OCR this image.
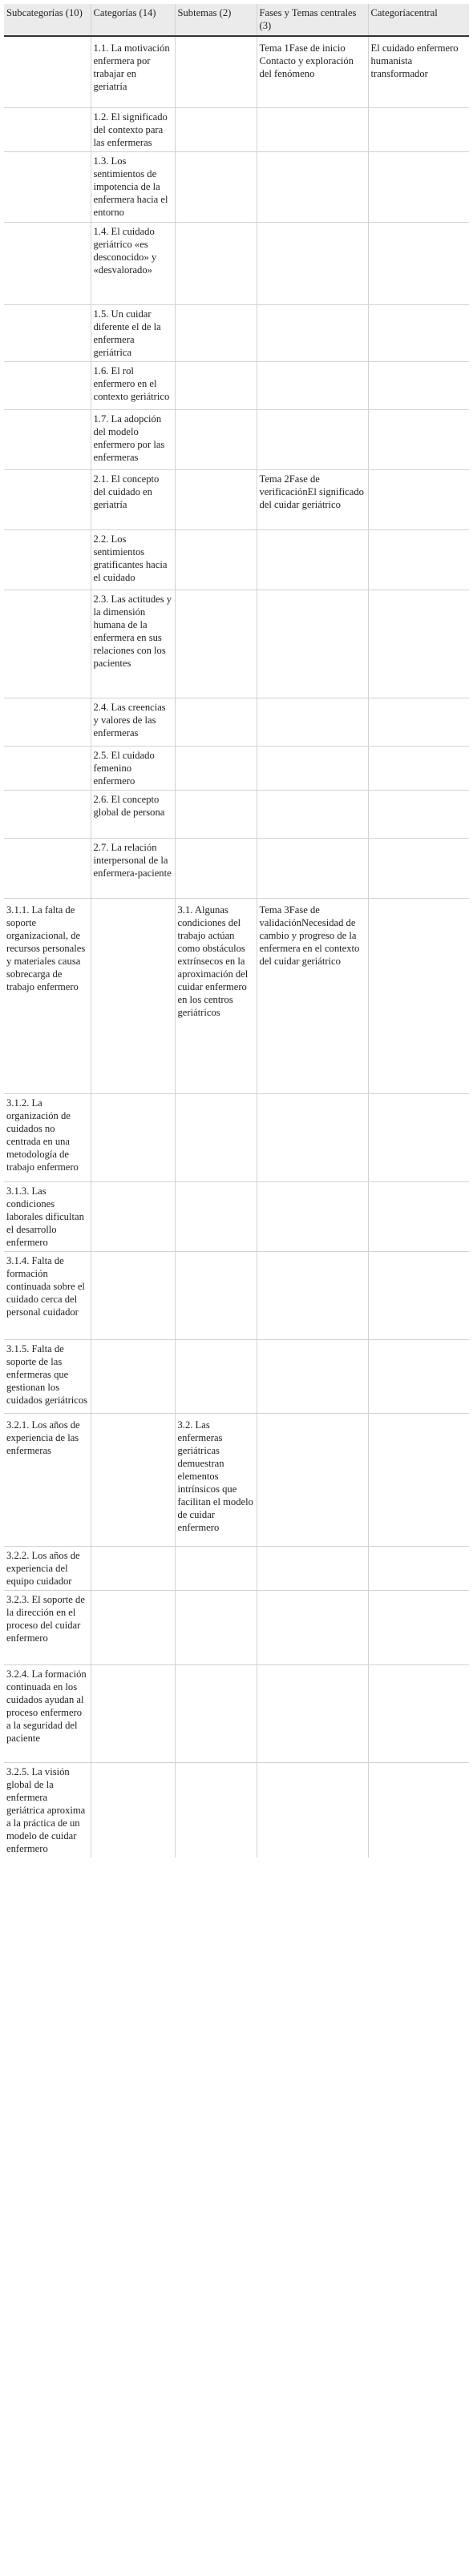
Subcategorías (10)	Categorías (14)	Subtemas (2)	Fases y Temas centrales (3)	Categoríacentral
	1.1. La motivación enfermera por trabajar en geriatría		Tema 1Fase de inicio Contacto y exploración del fenómeno	El cuidado enfermero humanista transformador
	1.2. El significado del contexto para las enfermeras			
	1.3. Los sentimientos de impotencia de la enfermera hacia el entorno			
	1.4. El cuidado geriátrico «es desconocido» y «desvalorado»			
	1.5. Un cuidar diferente el de la enfermera geriátrica			
	1.6. El rol enfermero en el contexto geriátrico			
	1.7. La adopción del modelo enfermero por las enfermeras			
	2.1. El concepto del cuidado en geriatría		Tema 2Fase de verificaciónEl significado del cuidar geriátrico	
	2.2. Los sentimientos gratificantes hacia el cuidado			
	2.3. Las actitudes y la dimensión humana de la enfermera en sus relaciones con los pacientes			
	2.4. Las creencias y valores de las enfermeras			
	2.5. El cuidado femenino enfermero			
	2.6. El concepto global de persona			
	2.7. La relación interpersonal de la enfermera-paciente			
3.1.1. La falta de soporte organizacional, de recursos personales y materiales causa sobrecarga de trabajo enfermero		3.1. Algunas condiciones del trabajo actúan como obstáculos extrínsecos en la aproximación del cuidar enfermero en los centros geriátricos	Tema 3Fase de validaciónNecesidad de cambio y progreso de la enfermera en el contexto del cuidar geriátrico	
3.1.2. La organización de cuidados no centrada en una metodología de trabajo enfermero				
3.1.3. Las condiciones laborales dificultan el desarrollo enfermero				
3.1.4. Falta de formación continuada sobre el cuidado cerca del personal cuidador				
3.1.5. Falta de soporte de las enfermeras que gestionan los cuidados geriátricos				
3.2.1. Los años de experiencia de las enfermeras		3.2. Las enfermeras geriátricas demuestran elementos intrínsicos que facilitan el modelo de cuidar enfermero		
3.2.2. Los años de experiencia del equipo cuidador				
3.2.3. El soporte de la dirección en el proceso del cuidar enfermero				
3.2.4. La formación continuada en los cuidados ayudan al proceso enfermero a la seguridad del paciente				
3.2.5. La visión global de la enfermera geriátrica aproxima a la práctica de un modelo de cuidar enfermero				
